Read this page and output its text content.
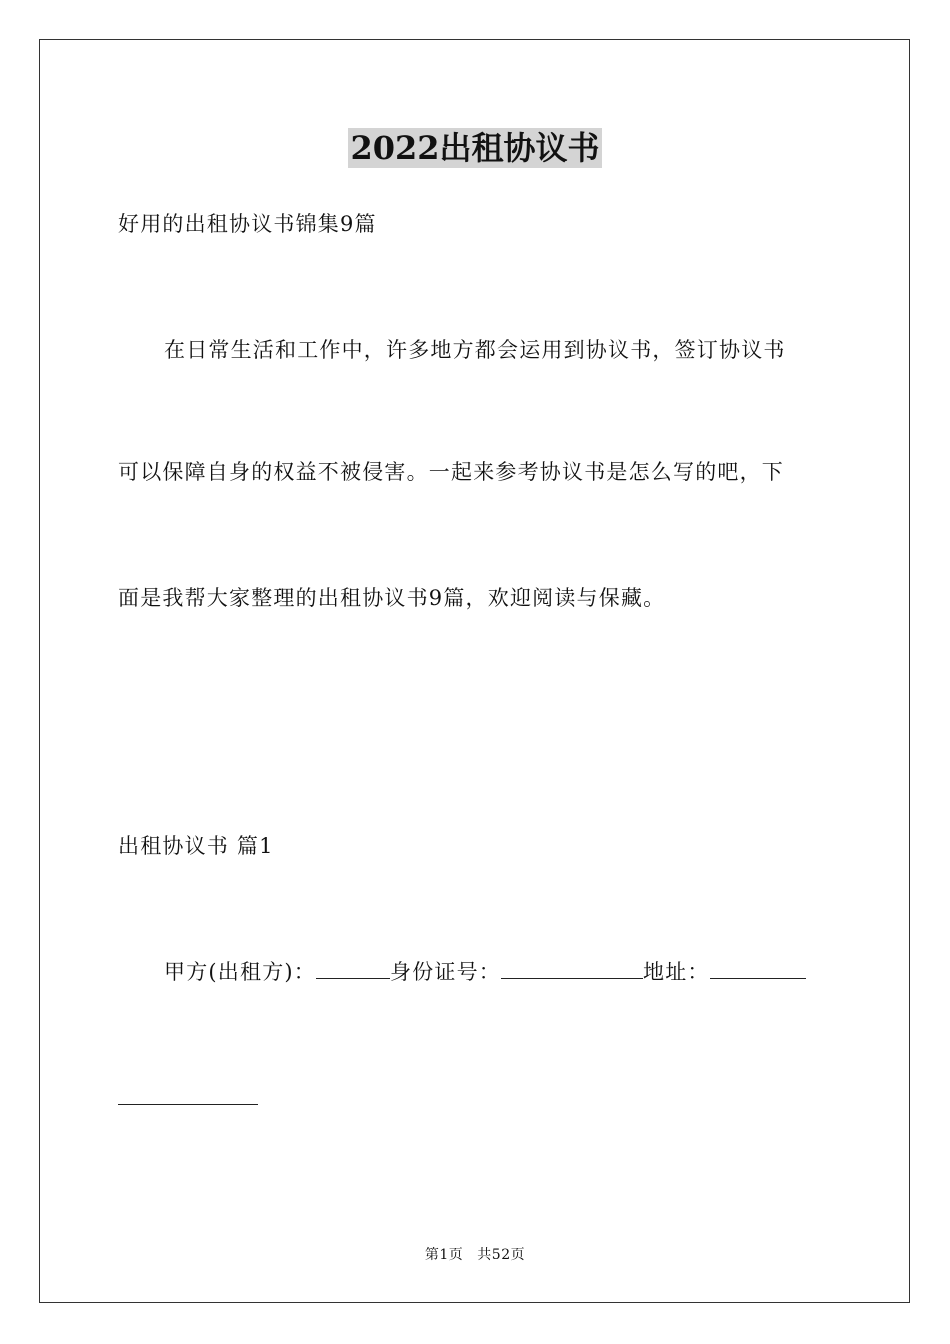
2022出租协议书
好用的出租协议书锦集9篇
在日常生活和工作中，许多地方都会运用到协议书，签订协议书
可以保障自身的权益不被侵害。一起来参考协议书是怎么写的吧，下
面是我帮大家整理的出租协议书9篇，欢迎阅读与保藏。
出租协议书 篇1
甲方(出租方)：	身份证号：	地址：
第1页 共52页
